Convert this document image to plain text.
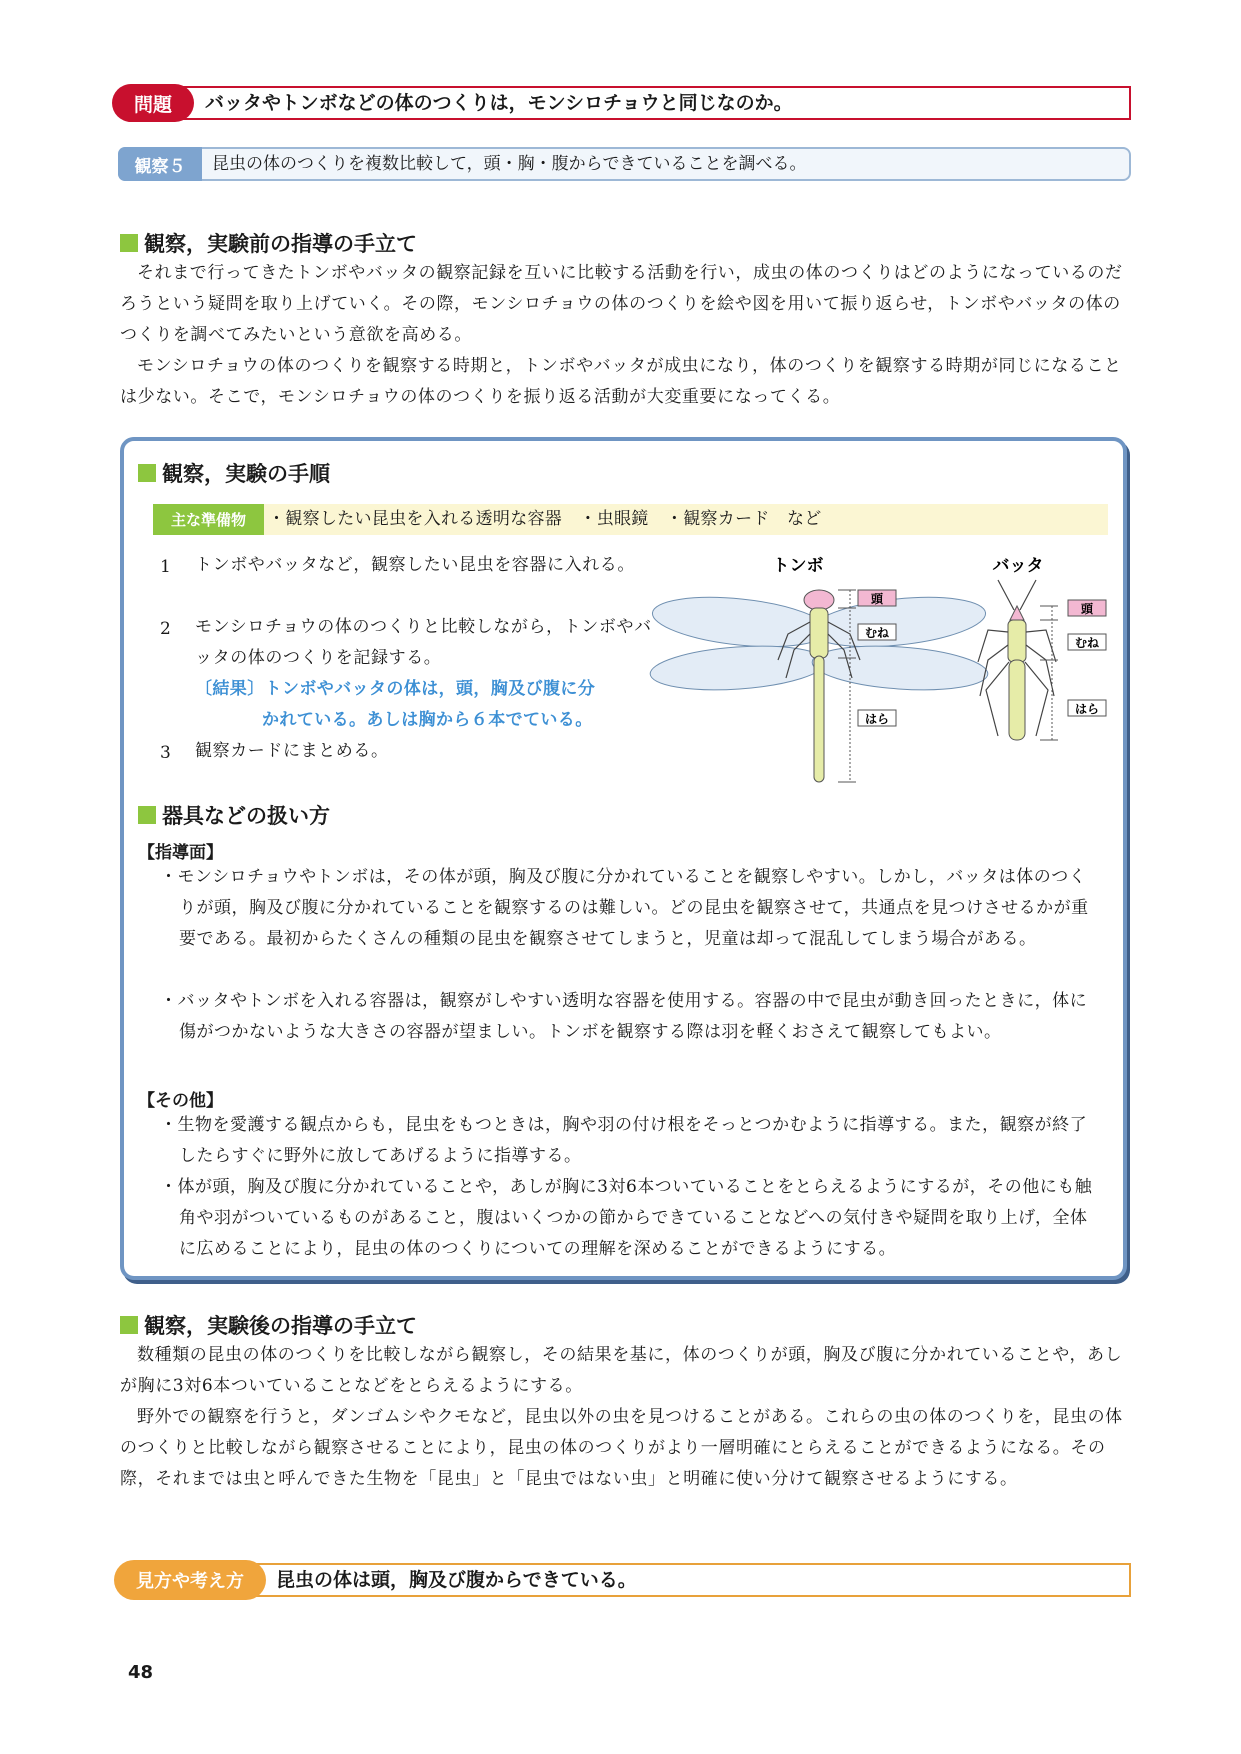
問題	バッタやトンボなどの体のつくりは，モンシロチョウと同じなのか。
観察５	昆虫の体のつくりを複数比較して，頭・胸・腹からできていることを調べる。
観察，実験前の指導の手立て
それまで行ってきたトンボやバッタの観察記録を互いに比較する活動を行い，成虫の体のつくりはどのようになっているのだろうという疑問を取り上げていく。その際，モンシロチョウの体のつくりを絵や図を用いて振り返らせ，トンボやバッタの体のつくりを調べてみたいという意欲を高める。
モンシロチョウの体のつくりを観察する時期と，トンボやバッタが成虫になり，体のつくりを観察する時期が同じになることは少ない。そこで，モンシロチョウの体のつくりを振り返る活動が大変重要になってくる。
観察，実験の手順
主な準備物	・観察したい昆虫を入れる透明な容器　・虫眼鏡　・観察カード　など
1 トンボやバッタなど，観察したい昆虫を容器に入れる。
2 モンシロチョウの体のつくりと比較しながら，トンボやバッタの体のつくりを記録する。
〔結果〕トンボやバッタの体は，頭，胸及び腹に分
かれている。あしは胸から６本でている。
3 観察カードにまとめる。
トンボ
頭
むね
はら
バッタ
頭
むね
はら
器具などの扱い方
【指導面】
・モンシロチョウやトンボは，その体が頭，胸及び腹に分かれていることを観察しやすい。しかし，バッタは体のつくりが頭，胸及び腹に分かれていることを観察するのは難しい。どの昆虫を観察させて，共通点を見つけさせるかが重要である。最初からたくさんの種類の昆虫を観察させてしまうと，児童は却って混乱してしまう場合がある。
・バッタやトンボを入れる容器は，観察がしやすい透明な容器を使用する。容器の中で昆虫が動き回ったときに，体に傷がつかないような大きさの容器が望ましい。トンボを観察する際は羽を軽くおさえて観察してもよい。
【その他】
・生物を愛護する観点からも，昆虫をもつときは，胸や羽の付け根をそっとつかむように指導する。また，観察が終了したらすぐに野外に放してあげるように指導する。
・体が頭，胸及び腹に分かれていることや，あしが胸に3対6本ついていることをとらえるようにするが，その他にも触角や羽がついているものがあること，腹はいくつかの節からできていることなどへの気付きや疑問を取り上げ，全体に広めることにより，昆虫の体のつくりについての理解を深めることができるようにする。
観察，実験後の指導の手立て
数種類の昆虫の体のつくりを比較しながら観察し，その結果を基に，体のつくりが頭，胸及び腹に分かれていることや，あしが胸に3対6本ついていることなどをとらえるようにする。
野外での観察を行うと，ダンゴムシやクモなど，昆虫以外の虫を見つけることがある。これらの虫の体のつくりを，昆虫の体のつくりと比較しながら観察させることにより，昆虫の体のつくりがより一層明確にとらえることができるようになる。その際，それまでは虫と呼んできた生物を「昆虫」と「昆虫ではない虫」と明確に使い分けて観察させるようにする。
見方や考え方	昆虫の体は頭，胸及び腹からできている。
48
